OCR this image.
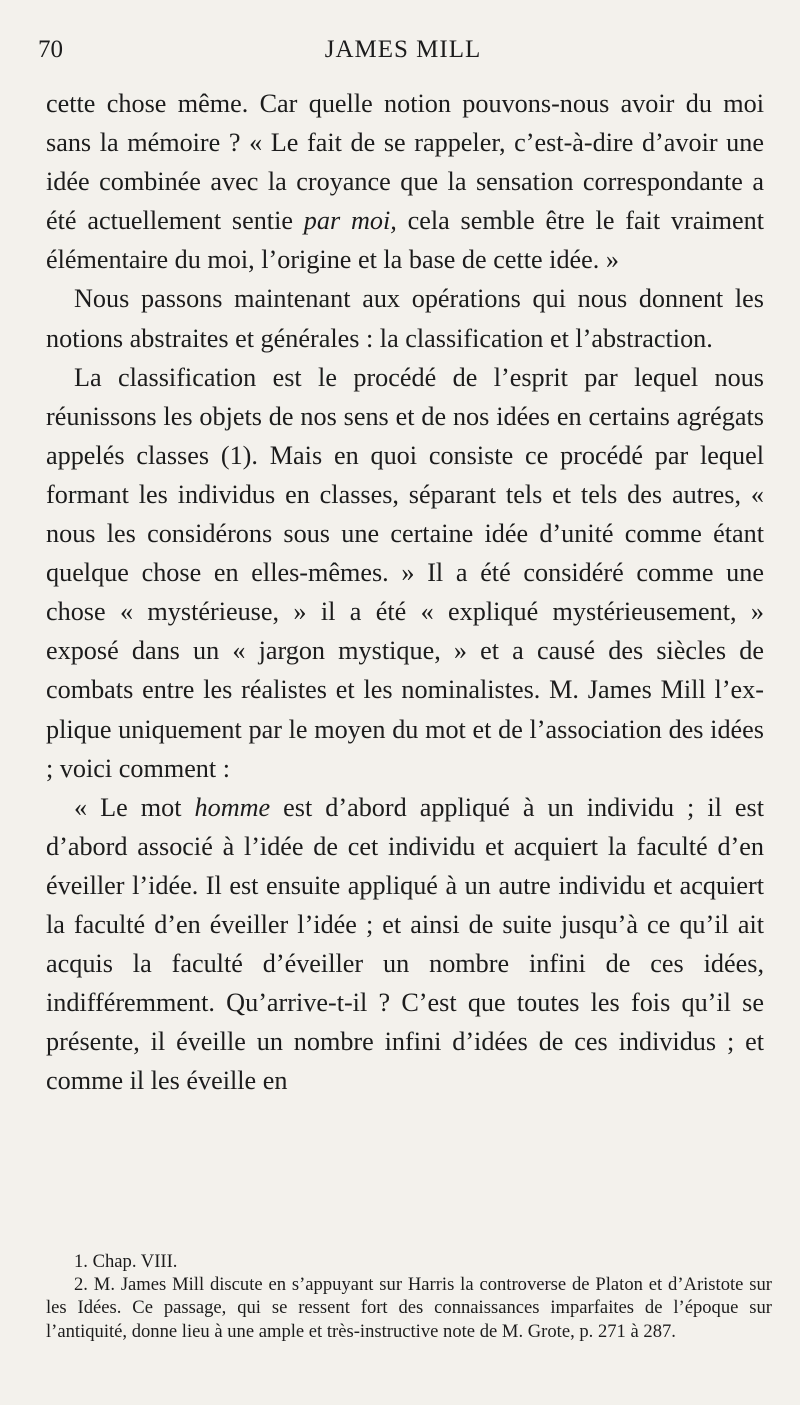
70	JAMES MILL

cette chose même. Car quelle notion pouvons-nous avoir du moi sans la mémoire ? « Le fait de se rappeler, c’est-à-dire d’avoir une idée combinée avec la croyance que la sensation correspondante a été actuellement sentie par moi, cela semble être le fait vraiment élémentaire du moi, l’origine et la base de cette idée. »

Nous passons maintenant aux opérations qui nous donnent les notions abstraites et générales : la classification et l’abstraction.

La classification est le procédé de l’esprit par lequel nous réunissons les objets de nos sens et de nos idées en certains agrégats appelés classes (1). Mais en quoi consiste ce procédé par lequel formant les individus en classes, séparant tels et tels des autres, « nous les considérons sous une certaine idée d’unité comme étant quelque chose en elles-mêmes. » Il a été considéré comme une chose « mystérieuse, » il a été « expliqué mystérieusement, » exposé dans un « jargon mystique, » et a causé des siècles de combats entre les réalistes et les nominalistes. M. James Mill l’explique uniquement par le moyen du mot et de l’association des idées ; voici comment :

« Le mot homme est d’abord appliqué à un individu ; il est d’abord associé à l’idée de cet individu et acquiert la faculté d’en éveiller l’idée. Il est ensuite appliqué à un autre individu et acquiert la faculté d’en éveiller l’idée ; et ainsi de suite jusqu’à ce qu’il ait acquis la faculté d’éveiller un nombre infini de ces idées, indifféremment. Qu’arrive-t-il ? C’est que toutes les fois qu’il se présente, il éveille un nombre infini d’idées de ces individus ; et comme il les éveille en

1. Chap. VIII.

2. M. James Mill discute en s’appuyant sur Harris la controverse de Platon et d’Aristote sur les Idées. Ce passage, qui se ressent fort des connaissances imparfaites de l’époque sur l’antiquité, donne lieu à une ample et très-instructive note de M. Grote, p. 271 à 287.
